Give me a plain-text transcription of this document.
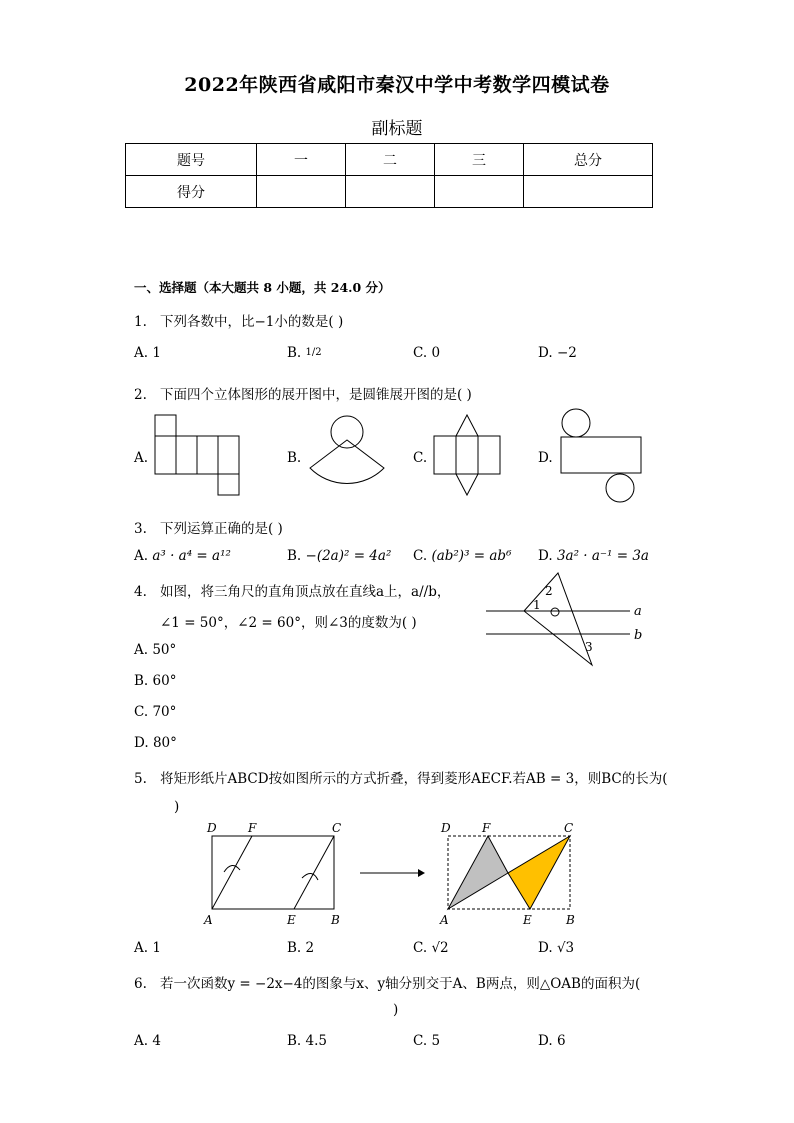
2022年陕西省咸阳市秦汉中学中考数学四模试卷
副标题
题号	一	二	三	总分
得分				
一、选择题（本大题共 8 小题，共 24.0 分）
1. 下列各数中，比−1小的数是( )
A. 1	B. 1/2	C. 0	D. −2
2. 下面四个立体图形的展开图中，是圆锥展开图的是( )
A.	B.	C.	D.
3. 下列运算正确的是( )
A. a³ · a⁴ = a¹²	B. −(2a)² = 4a² C. (ab²)³ = ab⁶ D. 3a² · a⁻¹ = 3a
4. 如图，将三角尺的直角顶点放在直线a上，a//b，
∠1 = 50°，∠2 = 60°，则∠3的度数为( )
A. 50°
B. 60°
C. 70°
D. 80°
a
b
1
2
3
5. 将矩形纸片ABCD按如图所示的方式折叠，得到菱形AECF.若AB = 3，则BC的长为(
)
D	F	C
A	E	B
D	F	C
A	E	B
A. 1	B. 2	C. √2	D. √3
6. 若一次函数y = −2x−4的图象与x、y轴分别交于A、B两点，则△OAB的面积为(
)
A. 4	B. 4.5	C. 5	D. 6
